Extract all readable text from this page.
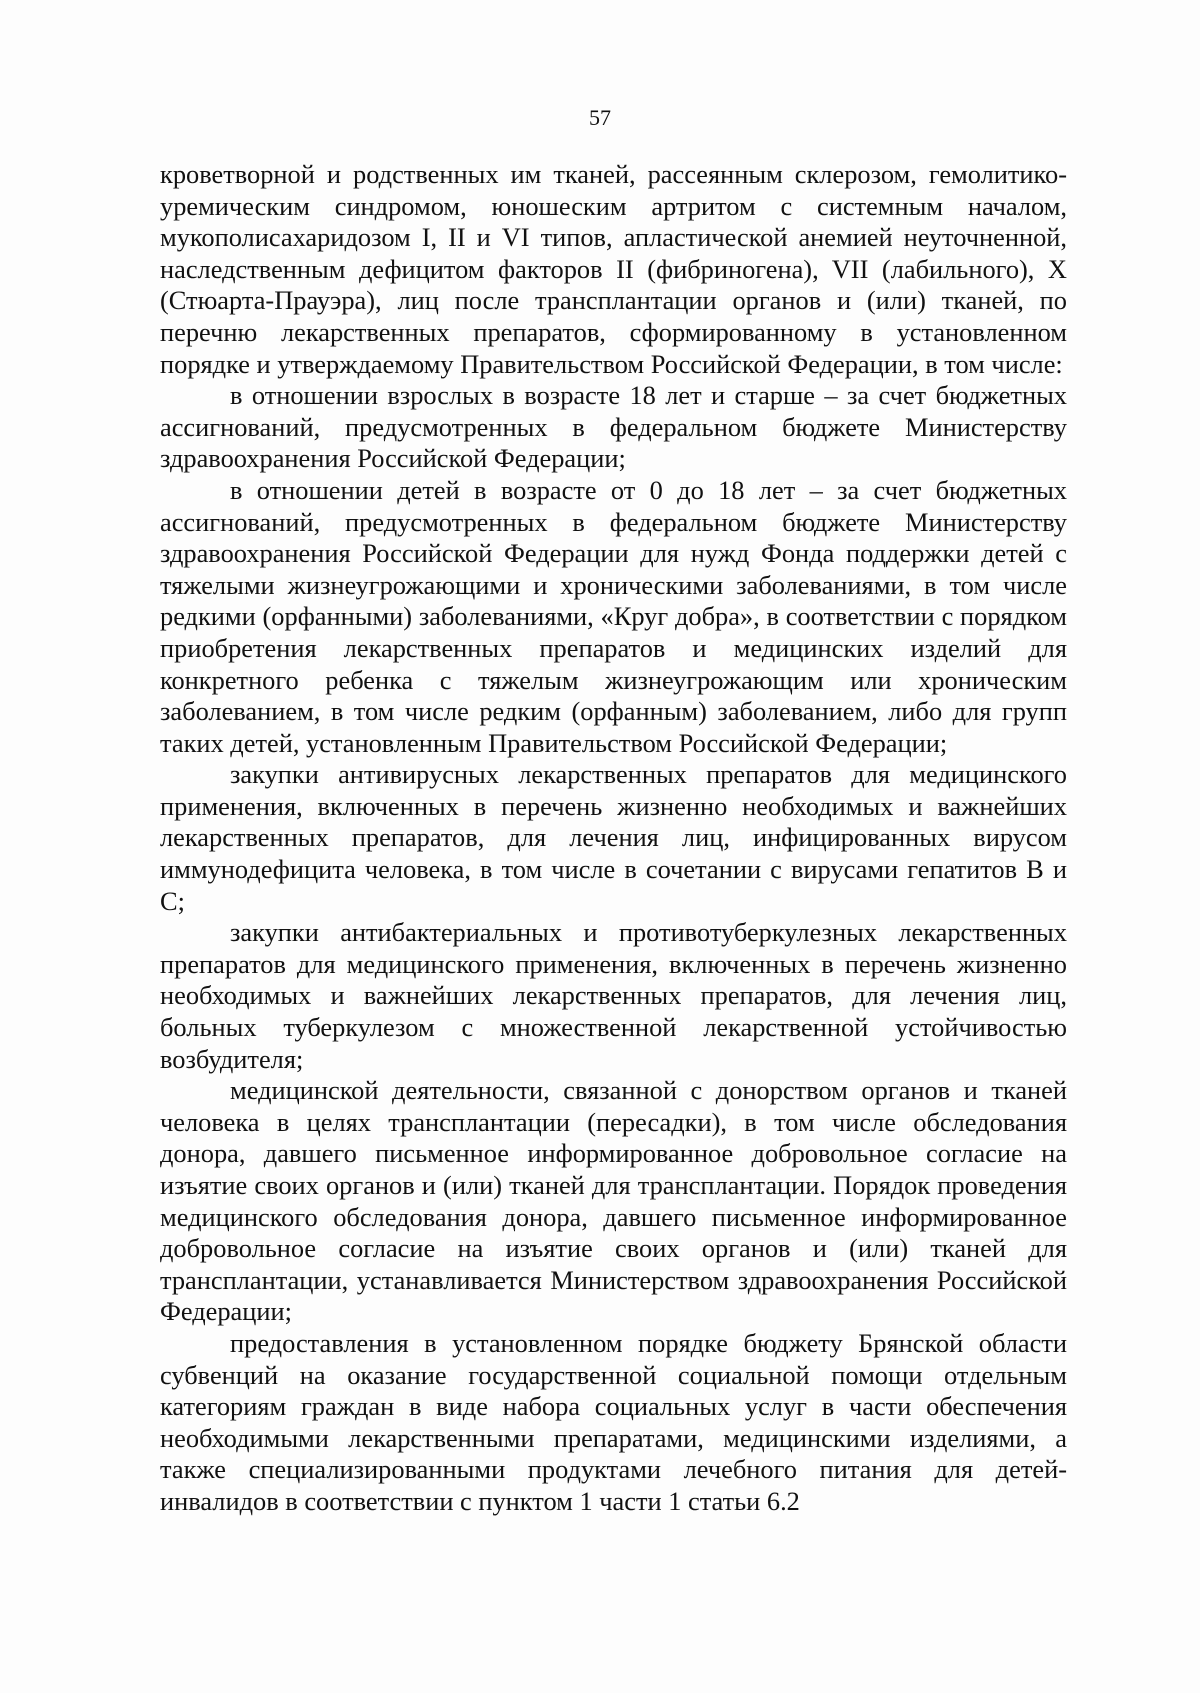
57

кроветворной и родственных им тканей, рассеянным склерозом, гемолитико-уремическим синдромом, юношеским артритом с системным началом, мукополисахаридозом I, II и VI типов, апластической анемией неуточненной, наследственным дефицитом факторов II (фибриногена), VII (лабильного), X (Стюарта-Прауэра), лиц после трансплантации органов и (или) тканей, по перечню лекарственных препаратов, сформированному в установленном порядке и утверждаемому Правительством Российской Федерации, в том числе:

в отношении взрослых в возрасте 18 лет и старше – за счет бюджетных ассигнований, предусмотренных в федеральном бюджете Министерству здравоохранения Российской Федерации;

в отношении детей в возрасте от 0 до 18 лет – за счет бюджетных ассигнований, предусмотренных в федеральном бюджете Министерству здравоохранения Российской Федерации для нужд Фонда поддержки детей с тяжелыми жизнеугрожающими и хроническими заболеваниями, в том числе редкими (орфанными) заболеваниями, «Круг добра», в соответствии с порядком приобретения лекарственных препаратов и медицинских изделий для конкретного ребенка с тяжелым жизнеугрожающим или хроническим заболеванием, в том числе редким (орфанным) заболеванием, либо для групп таких детей, установленным Правительством Российской Федерации;

закупки антивирусных лекарственных препаратов для медицинского применения, включенных в перечень жизненно необходимых и важнейших лекарственных препаратов, для лечения лиц, инфицированных вирусом иммунодефицита человека, в том числе в сочетании с вирусами гепатитов B и C;

закупки антибактериальных и противотуберкулезных лекарственных препаратов для медицинского применения, включенных в перечень жизненно необходимых и важнейших лекарственных препаратов, для лечения лиц, больных туберкулезом с множественной лекарственной устойчивостью возбудителя;

медицинской деятельности, связанной с донорством органов и тканей человека в целях трансплантации (пересадки), в том числе обследования донора, давшего письменное информированное добровольное согласие на изъятие своих органов и (или) тканей для трансплантации. Порядок проведения медицинского обследования донора, давшего письменное информированное добровольное согласие на изъятие своих органов и (или) тканей для трансплантации, устанавливается Министерством здравоохранения Российской Федерации;

предоставления в установленном порядке бюджету Брянской области субвенций на оказание государственной социальной помощи отдельным категориям граждан в виде набора социальных услуг в части обеспечения необходимыми лекарственными препаратами, медицинскими изделиями, а также специализированными продуктами лечебного питания для детей-инвалидов в соответствии с пунктом 1 части 1 статьи 6.2
